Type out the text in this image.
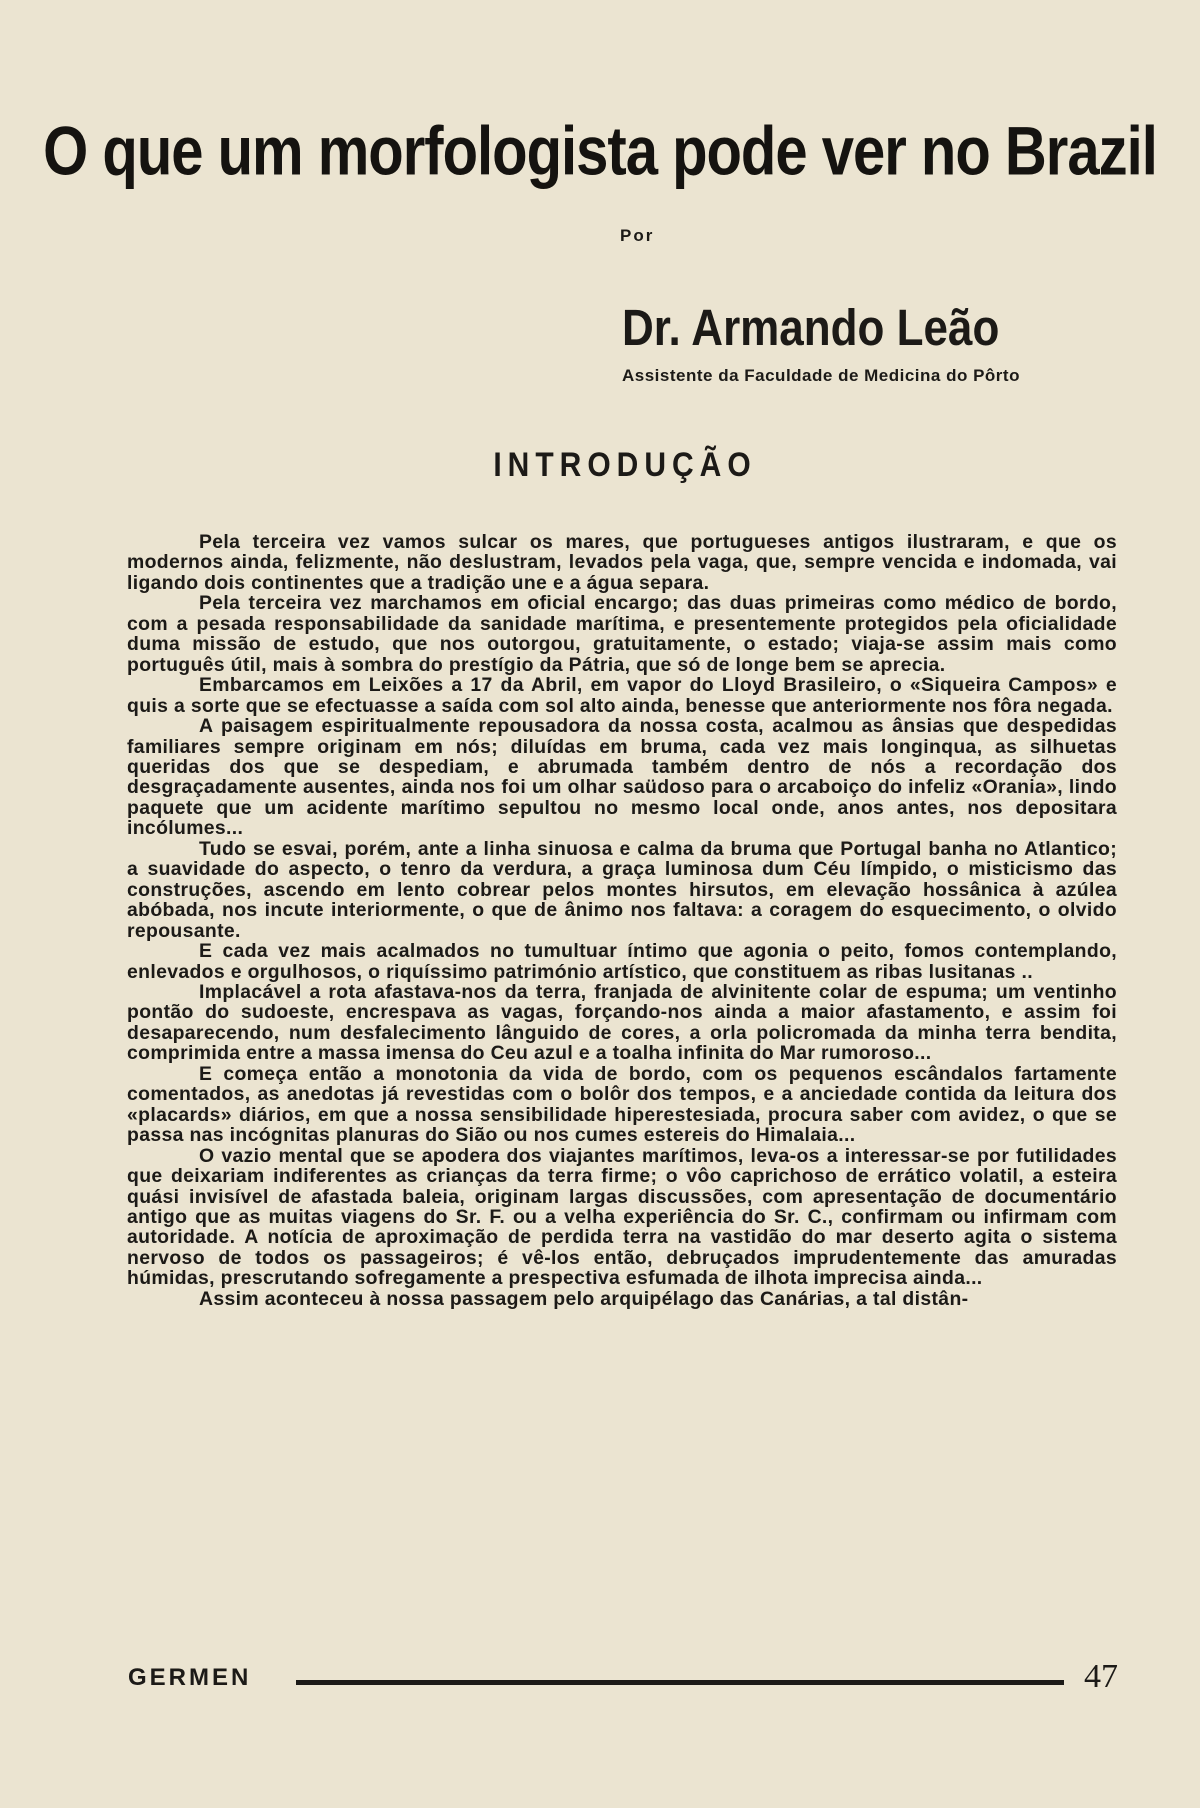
O que um morfologista pode ver no Brazil
Por
Dr. Armando Leão
Assistente da Faculdade de Medicina do Pôrto
INTRODUÇÃO

Pela terceira vez vamos sulcar os mares, que portugueses antigos ilustraram, e que os modernos ainda, felizmente, não deslustram, levados pela vaga, que, sempre vencida e indomada, vai ligando dois continentes que a tradição une e a água separa.

Pela terceira vez marchamos em oficial encargo; das duas primeiras como médico de bordo, com a pesada responsabilidade da sanidade marítima, e presentemente protegidos pela oficialidade duma missão de estudo, que nos outorgou, gratuitamente, o estado; viaja-se assim mais como português útil, mais à sombra do prestígio da Pátria, que só de longe bem se aprecia.

Embarcamos em Leixões a 17 da Abril, em vapor do Lloyd Brasileiro, o «Siqueira Campos» e quis a sorte que se efectuasse a saída com sol alto ainda, benesse que anteriormente nos fôra negada.

A paisagem espiritualmente repousadora da nossa costa, acalmou as ânsias que despedidas familiares sempre originam em nós; diluídas em bruma, cada vez mais longinqua, as silhuetas queridas dos que se despediam, e abrumada também dentro de nós a recordação dos desgraçadamente ausentes, ainda nos foi um olhar saüdoso para o arcaboiço do infeliz «Orania», lindo paquete que um acidente marítimo sepultou no mesmo local onde, anos antes, nos depositara incólumes...

Tudo se esvai, porém, ante a linha sinuosa e calma da bruma que Portugal banha no Atlantico; a suavidade do aspecto, o tenro da verdura, a graça luminosa dum Céu límpido, o misticismo das construções, ascendo em lento cobrear pelos montes hirsutos, em elevação hossânica à azúlea abóbada, nos incute interiormente, o que de ânimo nos faltava: a coragem do esquecimento, o olvido repousante.

E cada vez mais acalmados no tumultuar íntimo que agonia o peito, fomos contemplando, enlevados e orgulhosos, o riquíssimo património artístico, que constituem as ribas lusitanas ..

Implacável a rota afastava-nos da terra, franjada de alvinitente colar de espuma; um ventinho pontão do sudoeste, encrespava as vagas, forçando-nos ainda a maior afastamento, e assim foi desaparecendo, num desfalecimento lânguido de cores, a orla policromada da minha terra bendita, comprimida entre a massa imensa do Ceu azul e a toalha infinita do Mar rumoroso...

E começa então a monotonia da vida de bordo, com os pequenos escândalos fartamente comentados, as anedotas já revestidas com o bolôr dos tempos, e a anciedade contida da leitura dos «placards» diários, em que a nossa sensibilidade hiperestesiada, procura saber com avidez, o que se passa nas incógnitas planuras do Sião ou nos cumes estereis do Himalaia...

O vazio mental que se apodera dos viajantes marítimos, leva-os a interessar-se por futilidades que deixariam indiferentes as crianças da terra firme; o vôo caprichoso de errático volatil, a esteira quási invisível de afastada baleia, originam largas discussões, com apresentação de documentário antigo que as muitas viagens do Sr. F. ou a velha experiência do Sr. C., confirmam ou infirmam com autoridade. A notícia de aproximação de perdida terra na vastidão do mar deserto agita o sistema nervoso de todos os passageiros; é vê-los então, debruçados imprudentemente das amuradas húmidas, prescrutando sofregamente a prespectiva esfumada de ilhota imprecisa ainda...

Assim aconteceu à nossa passagem pelo arquipélago das Canárias, a tal distân-

GERMEN	47
